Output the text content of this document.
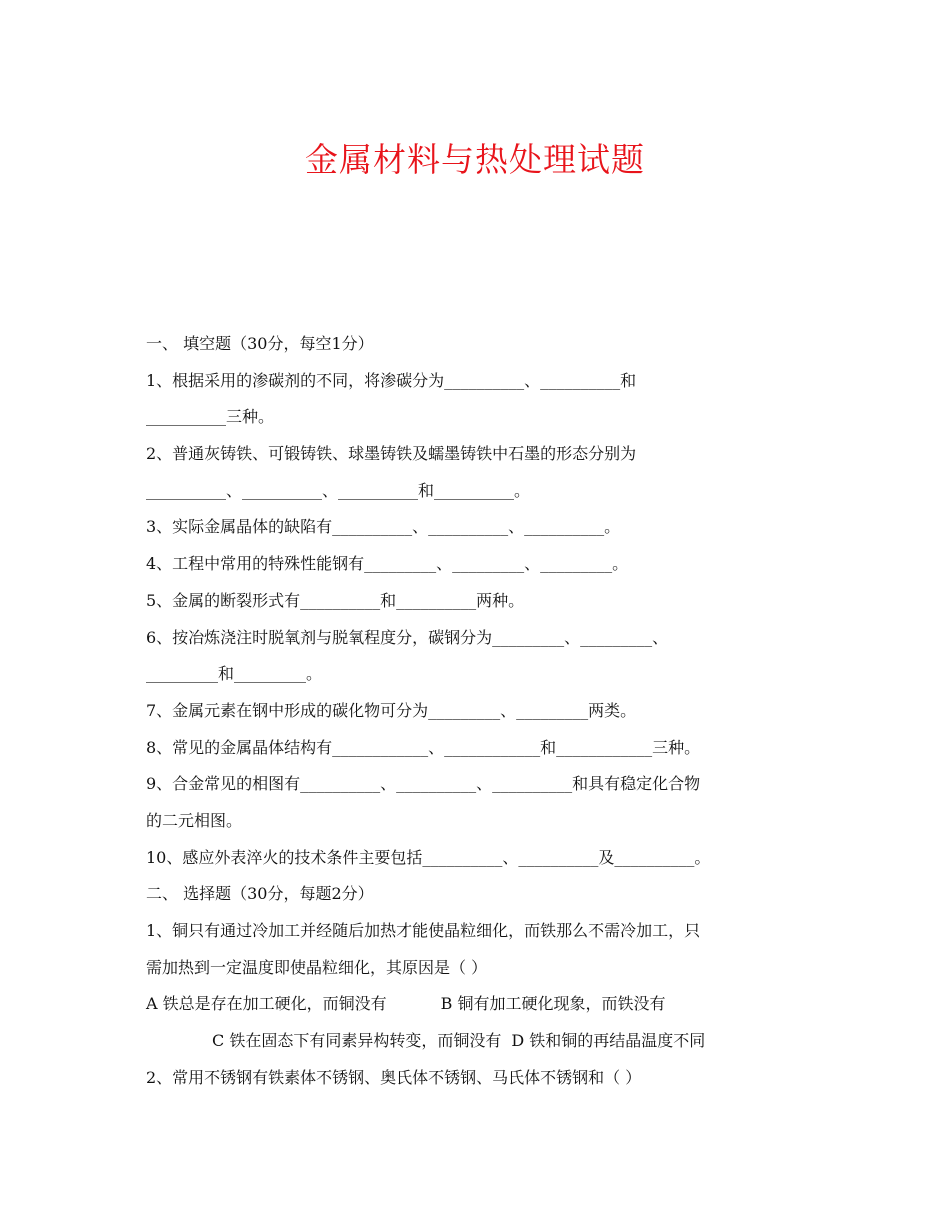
金属材料与热处理试题
一、 填空题（30分，每空1分）
1、根据采用的渗碳剂的不同，将渗碳分为__________、__________和
__________三种。
2、普通灰铸铁、可锻铸铁、球墨铸铁及蠕墨铸铁中石墨的形态分别为
__________、__________、__________和__________。
3、实际金属晶体的缺陷有__________、__________、__________。
4、工程中常用的特殊性能钢有_________、_________、_________。
5、金属的断裂形式有__________和__________两种。
6、按冶炼浇注时脱氧剂与脱氧程度分，碳钢分为_________、_________、
_________和_________。
7、金属元素在钢中形成的碳化物可分为_________、_________两类。
8、常见的金属晶体结构有____________、____________和____________三种。
9、合金常见的相图有__________、__________、__________和具有稳定化合物
的二元相图。
10、感应外表淬火的技术条件主要包括__________、__________及__________。
二、 选择题（30分，每题2分）
1、铜只有通过冷加工并经随后加热才能使晶粒细化，而铁那么不需冷加工，只
需加热到一定温度即使晶粒细化，其原因是（ ）
A 铁总是存在加工硬化，而铜没有	B 铜有加工硬化现象，而铁没有
C 铁在固态下有同素异构转变，而铜没有 D 铁和铜的再结晶温度不同
2、常用不锈钢有铁素体不锈钢、奥氏体不锈钢、马氏体不锈钢和（ ）
